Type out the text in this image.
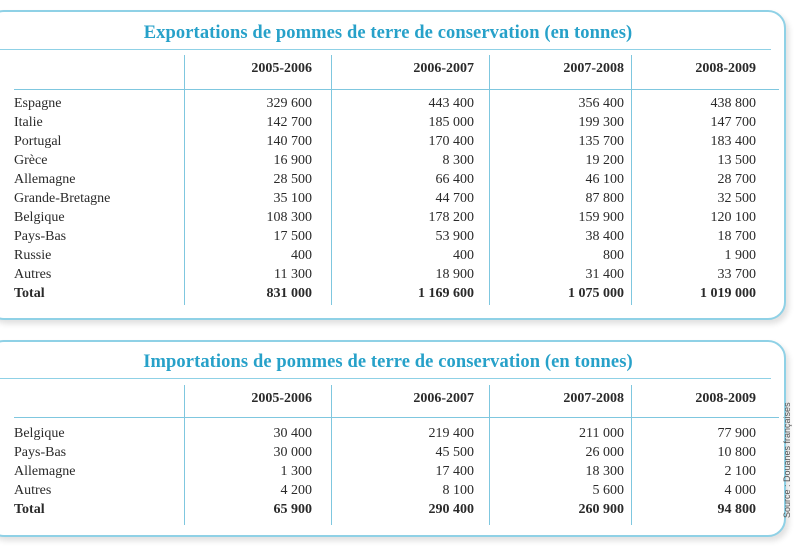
Exportations de pommes de terre de conservation (en tonnes)
	2005-2006	2006-2007	2007-2008	2008-2009
Espagne	329 600	443 400	356 400	438 800
Italie	142 700	185 000	199 300	147 700
Portugal	140 700	170 400	135 700	183 400
Grèce	16 900	8 300	19 200	13 500
Allemagne	28 500	66 400	46 100	28 700
Grande-Bretagne	35 100	44 700	87 800	32 500
Belgique	108 300	178 200	159 900	120 100
Pays-Bas	17 500	53 900	38 400	18 700
Russie	400	400	800	1 900
Autres	11 300	18 900	31 400	33 700
Total	831 000	1 169 600	1 075 000	1 019 000
Importations de pommes de terre de conservation (en tonnes)
	2005-2006	2006-2007	2007-2008	2008-2009
Belgique	30 400	219 400	211 000	77 900
Pays-Bas	30 000	45 500	26 000	10 800
Allemagne	1 300	17 400	18 300	2 100
Autres	4 200	8 100	5 600	4 000
Total	65 900	290 400	260 900	94 800	Source : Douanes françaises
